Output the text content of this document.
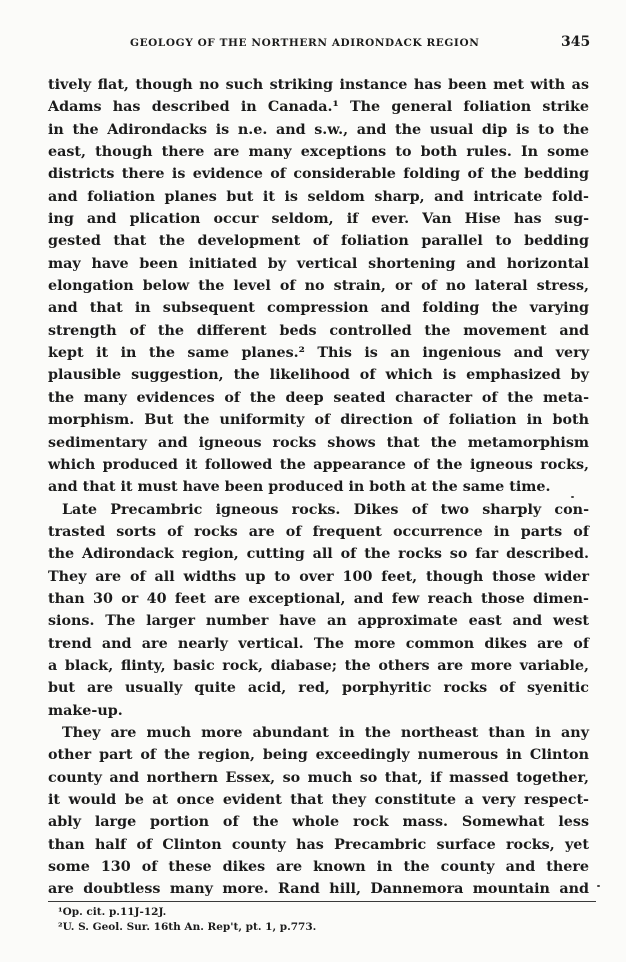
GEOLOGY OF THE NORTHERN ADIRONDACK REGION	345
tively flat, though no such striking instance has been met with as
Adams has described in Canada.¹ The general foliation strike
in the Adirondacks is n.e. and s.w., and the usual dip is to the
east, though there are many exceptions to both rules. In some
districts there is evidence of considerable folding of the bedding
and foliation planes but it is seldom sharp, and intricate fold-
ing and plication occur seldom, if ever. Van Hise has sug-
gested that the development of foliation parallel to bedding
may have been initiated by vertical shortening and horizontal
elongation below the level of no strain, or of no lateral stress,
and that in subsequent compression and folding the varying
strength of the different beds controlled the movement and
kept it in the same planes.² This is an ingenious and very
plausible suggestion, the likelihood of which is emphasized by
the many evidences of the deep seated character of the meta-
morphism. But the uniformity of direction of foliation in both
sedimentary and igneous rocks shows that the metamorphism
which produced it followed the appearance of the igneous rocks,
and that it must have been produced in both at the same time.
Late Precambric igneous rocks. Dikes of two sharply con-
trasted sorts of rocks are of frequent occurrence in parts of
the Adirondack region, cutting all of the rocks so far described.
They are of all widths up to over 100 feet, though those wider
than 30 or 40 feet are exceptional, and few reach those dimen-
sions. The larger number have an approximate east and west
trend and are nearly vertical. The more common dikes are of
a black, flinty, basic rock, diabase; the others are more variable,
but are usually quite acid, red, porphyritic rocks of syenitic
make-up.
They are much more abundant in the northeast than in any
other part of the region, being exceedingly numerous in Clinton
county and northern Essex, so much so that, if massed together,
it would be at once evident that they constitute a very respect-
ably large portion of the whole rock mass. Somewhat less
than half of Clinton county has Precambric surface rocks, yet
some 130 of these dikes are known in the county and there
are doubtless many more. Rand hill, Dannemora mountain and
¹Op. cit. p.11J-12J.
²U. S. Geol. Sur. 16th An. Rep't, pt. 1, p.773.
